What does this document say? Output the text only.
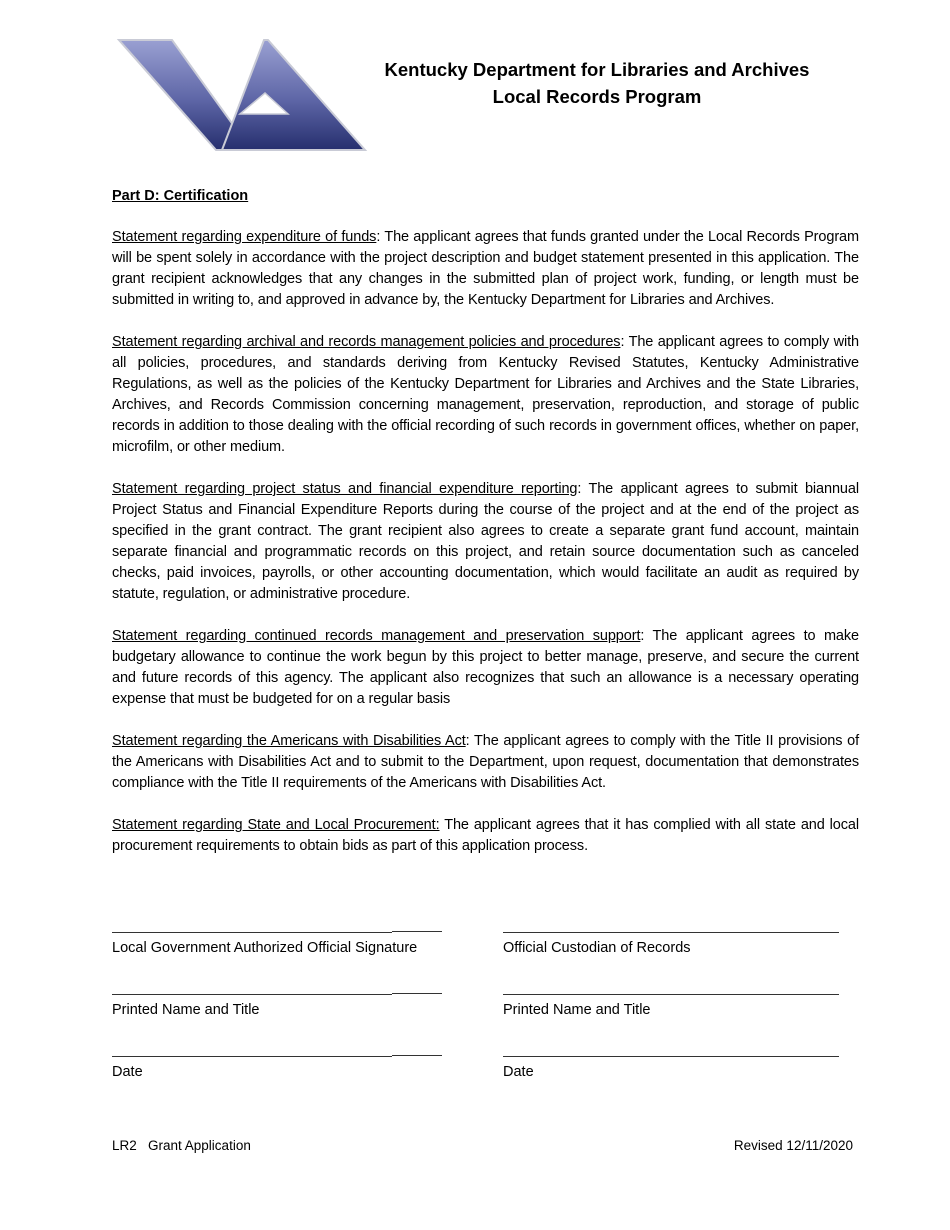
Kentucky Department for Libraries and Archives
Local Records Program
Part D: Certification

Statement regarding expenditure of funds: The applicant agrees that funds granted under the Local Records Program will be spent solely in accordance with the project description and budget statement presented in this application. The grant recipient acknowledges that any changes in the submitted plan of project work, funding, or length must be submitted in writing to, and approved in advance by, the Kentucky Department for Libraries and Archives.

Statement regarding archival and records management policies and procedures: The applicant agrees to comply with all policies, procedures, and standards deriving from Kentucky Revised Statutes, Kentucky Administrative Regulations, as well as the policies of the Kentucky Department for Libraries and Archives and the State Libraries, Archives, and Records Commission concerning management, preservation, reproduction, and storage of public records in addition to those dealing with the official recording of such records in government offices, whether on paper, microfilm, or other medium.

Statement regarding project status and financial expenditure reporting: The applicant agrees to submit biannual Project Status and Financial Expenditure Reports during the course of the project and at the end of the project as specified in the grant contract. The grant recipient also agrees to create a separate grant fund account, maintain separate financial and programmatic records on this project, and retain source documentation such as canceled checks, paid invoices, payrolls, or other accounting documentation, which would facilitate an audit as required by statute, regulation, or administrative procedure.

Statement regarding continued records management and preservation support: The applicant agrees to make budgetary allowance to continue the work begun by this project to better manage, preserve, and secure the current and future records of this agency. The applicant also recognizes that such an allowance is a necessary operating expense that must be budgeted for on a regular basis

Statement regarding the Americans with Disabilities Act: The applicant agrees to comply with the Title II provisions of the Americans with Disabilities Act and to submit to the Department, upon request, documentation that demonstrates compliance with the Title II requirements of the Americans with Disabilities Act.

Statement regarding State and Local Procurement: The applicant agrees that it has complied with all state and local procurement requirements to obtain bids as part of this application process.

Local Government Authorized Official Signature	Official Custodian of Records
Printed Name and Title	Printed Name and Title
Date	Date
LR2   Grant Application	Revised 12/11/2020
